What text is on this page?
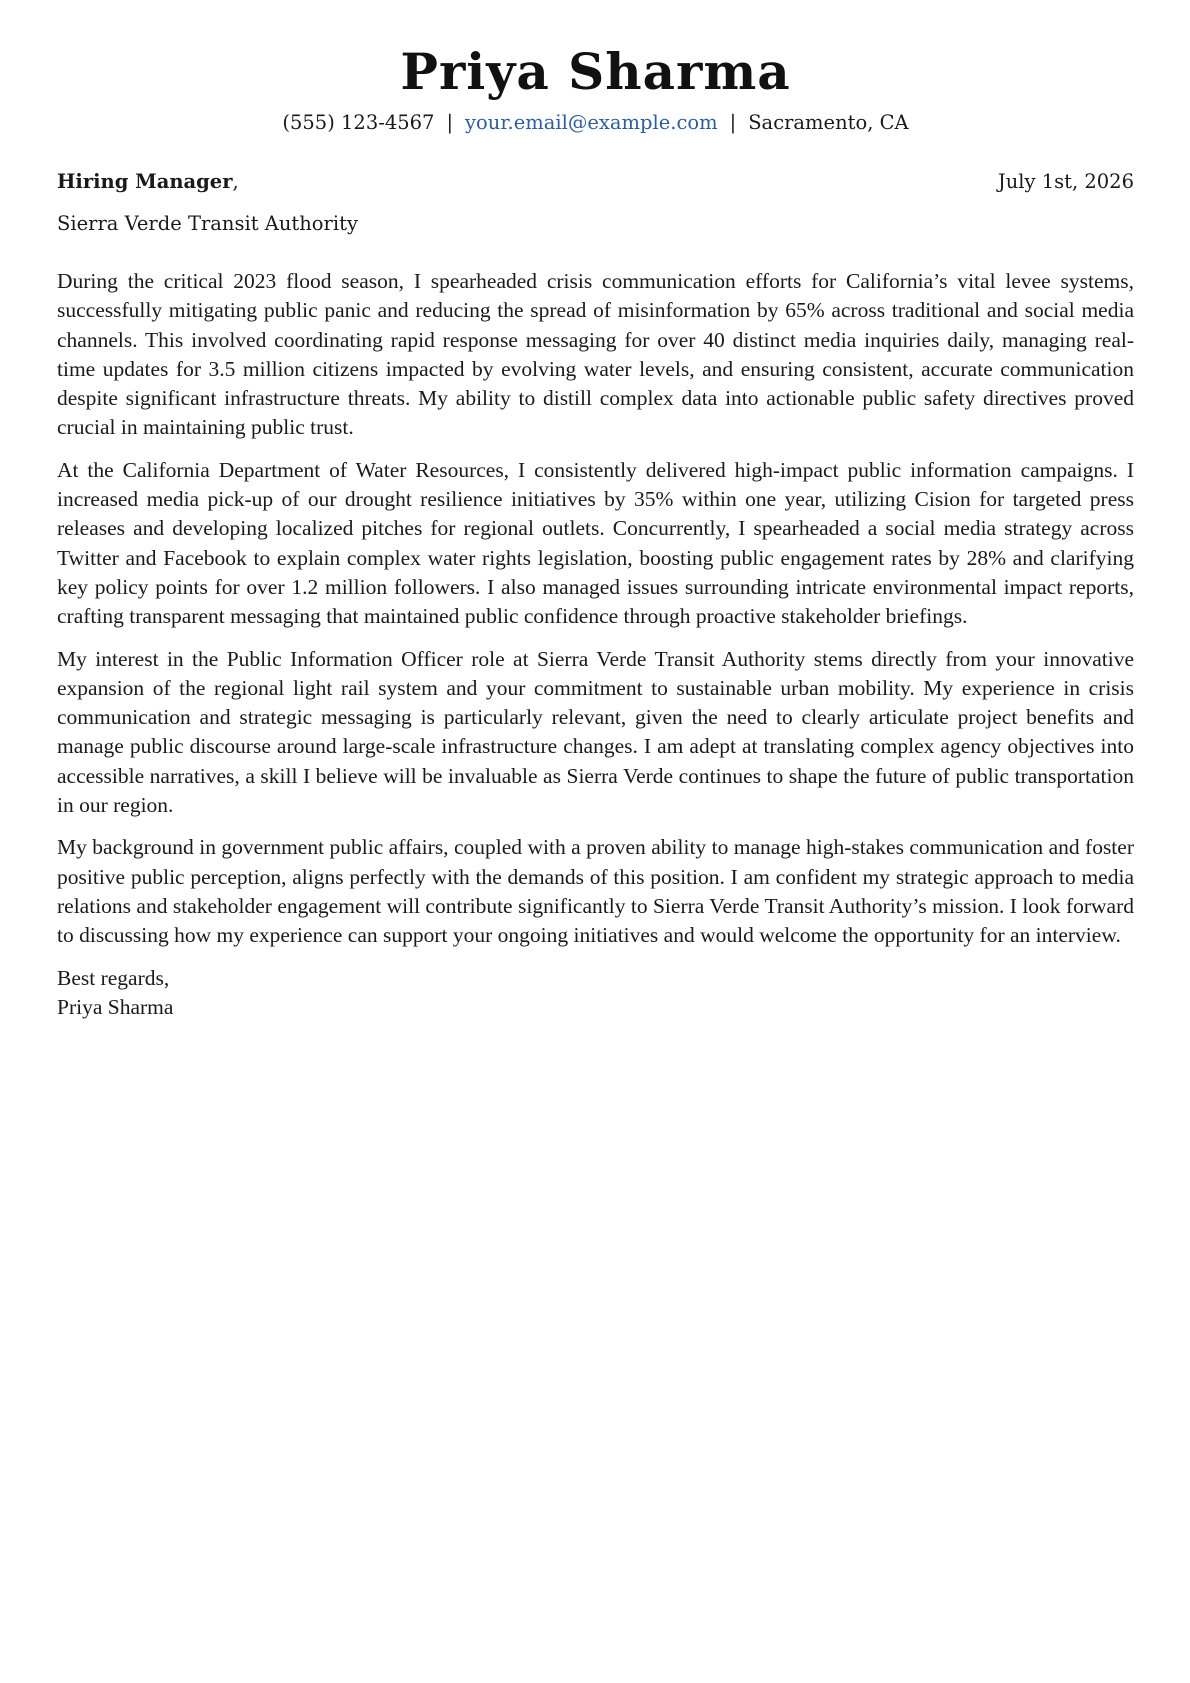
Priya Sharma
(555) 123-4567 | your.email@example.com | Sacramento, CA
Hiring Manager,	July 1st, 2026
Sierra Verde Transit Authority

During the critical 2023 flood season, I spearheaded crisis communication efforts for California’s vital levee systems, successfully mitigating public panic and reducing the spread of misinformation by 65% across traditional and social media channels. This involved coordinating rapid response messaging for over 40 distinct media inquiries daily, managing real-time updates for 3.5 million citizens impacted by evolving water levels, and ensuring consistent, accurate communication despite significant infrastructure threats. My ability to distill complex data into actionable public safety directives proved crucial in maintaining public trust.

At the California Department of Water Resources, I consistently delivered high-impact public information campaigns. I increased media pick-up of our drought resilience initiatives by 35% within one year, utilizing Cision for targeted press releases and developing localized pitches for regional outlets. Concurrently, I spearheaded a social media strategy across Twitter and Facebook to explain complex water rights legislation, boosting public engagement rates by 28% and clarifying key policy points for over 1.2 million followers. I also managed issues surrounding intricate environmental impact reports, crafting transparent messaging that maintained public confidence through proactive stakeholder briefings.

My interest in the Public Information Officer role at Sierra Verde Transit Authority stems directly from your innovative expansion of the regional light rail system and your commitment to sustainable urban mobility. My experience in crisis communication and strategic messaging is particularly relevant, given the need to clearly articulate project benefits and manage public discourse around large-scale infrastructure changes. I am adept at translating complex agency objectives into accessible narratives, a skill I believe will be invaluable as Sierra Verde continues to shape the future of public transportation in our region.

My background in government public affairs, coupled with a proven ability to manage high-stakes communication and foster positive public perception, aligns perfectly with the demands of this position. I am confident my strategic approach to media relations and stakeholder engagement will contribute significantly to Sierra Verde Transit Authority’s mission. I look forward to discussing how my experience can support your ongoing initiatives and would welcome the opportunity for an interview.

Best regards,
Priya Sharma
